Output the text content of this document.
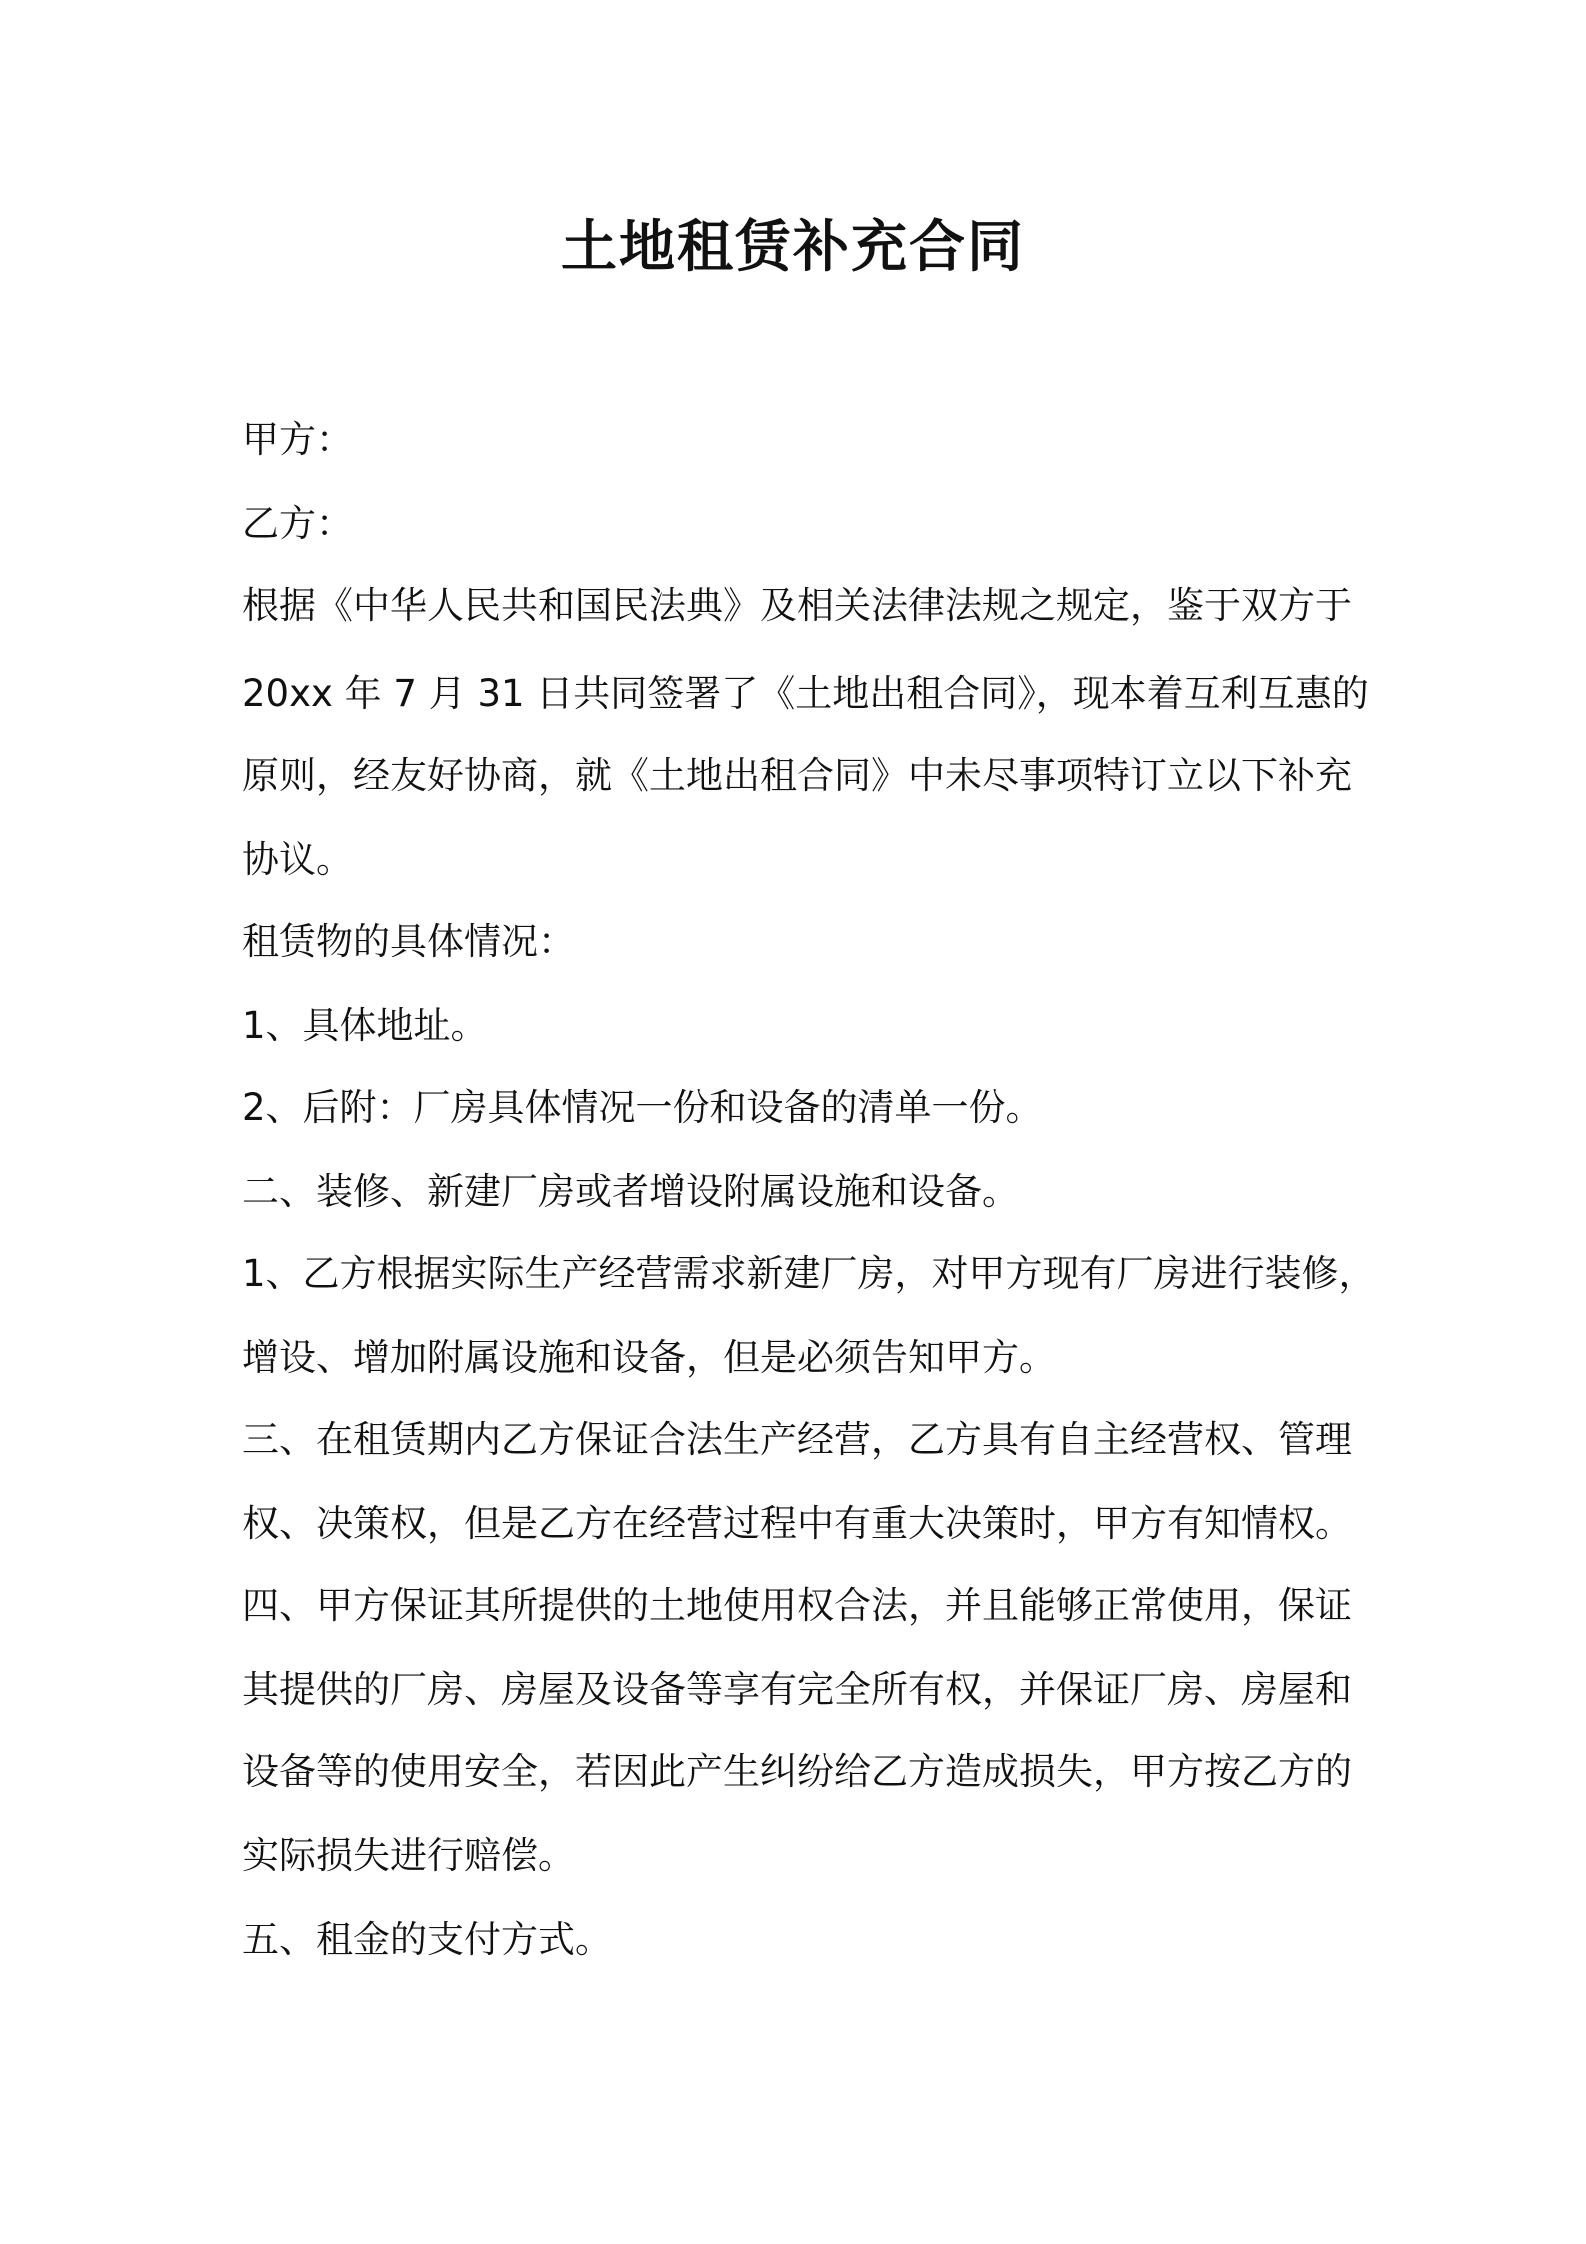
土地租赁补充合同

甲方：

乙方：

根据《中华人民共和国民法典》及相关法律法规之规定，鉴于双方于

20xx 年 7 月 31 日共同签署了《土地出租合同》，现本着互利互惠的

原则，经友好协商，就《土地出租合同》中未尽事项特订立以下补充

协议。

租赁物的具体情况：

1、具体地址。

2、后附：厂房具体情况一份和设备的清单一份。

二、装修、新建厂房或者增设附属设施和设备。

1、乙方根据实际生产经营需求新建厂房，对甲方现有厂房进行装修，

增设、增加附属设施和设备，但是必须告知甲方。

三、在租赁期内乙方保证合法生产经营，乙方具有自主经营权、管理

权、决策权，但是乙方在经营过程中有重大决策时，甲方有知情权。

四、甲方保证其所提供的土地使用权合法，并且能够正常使用，保证

其提供的厂房、房屋及设备等享有完全所有权，并保证厂房、房屋和

设备等的使用安全，若因此产生纠纷给乙方造成损失，甲方按乙方的

实际损失进行赔偿。

五、租金的支付方式。
